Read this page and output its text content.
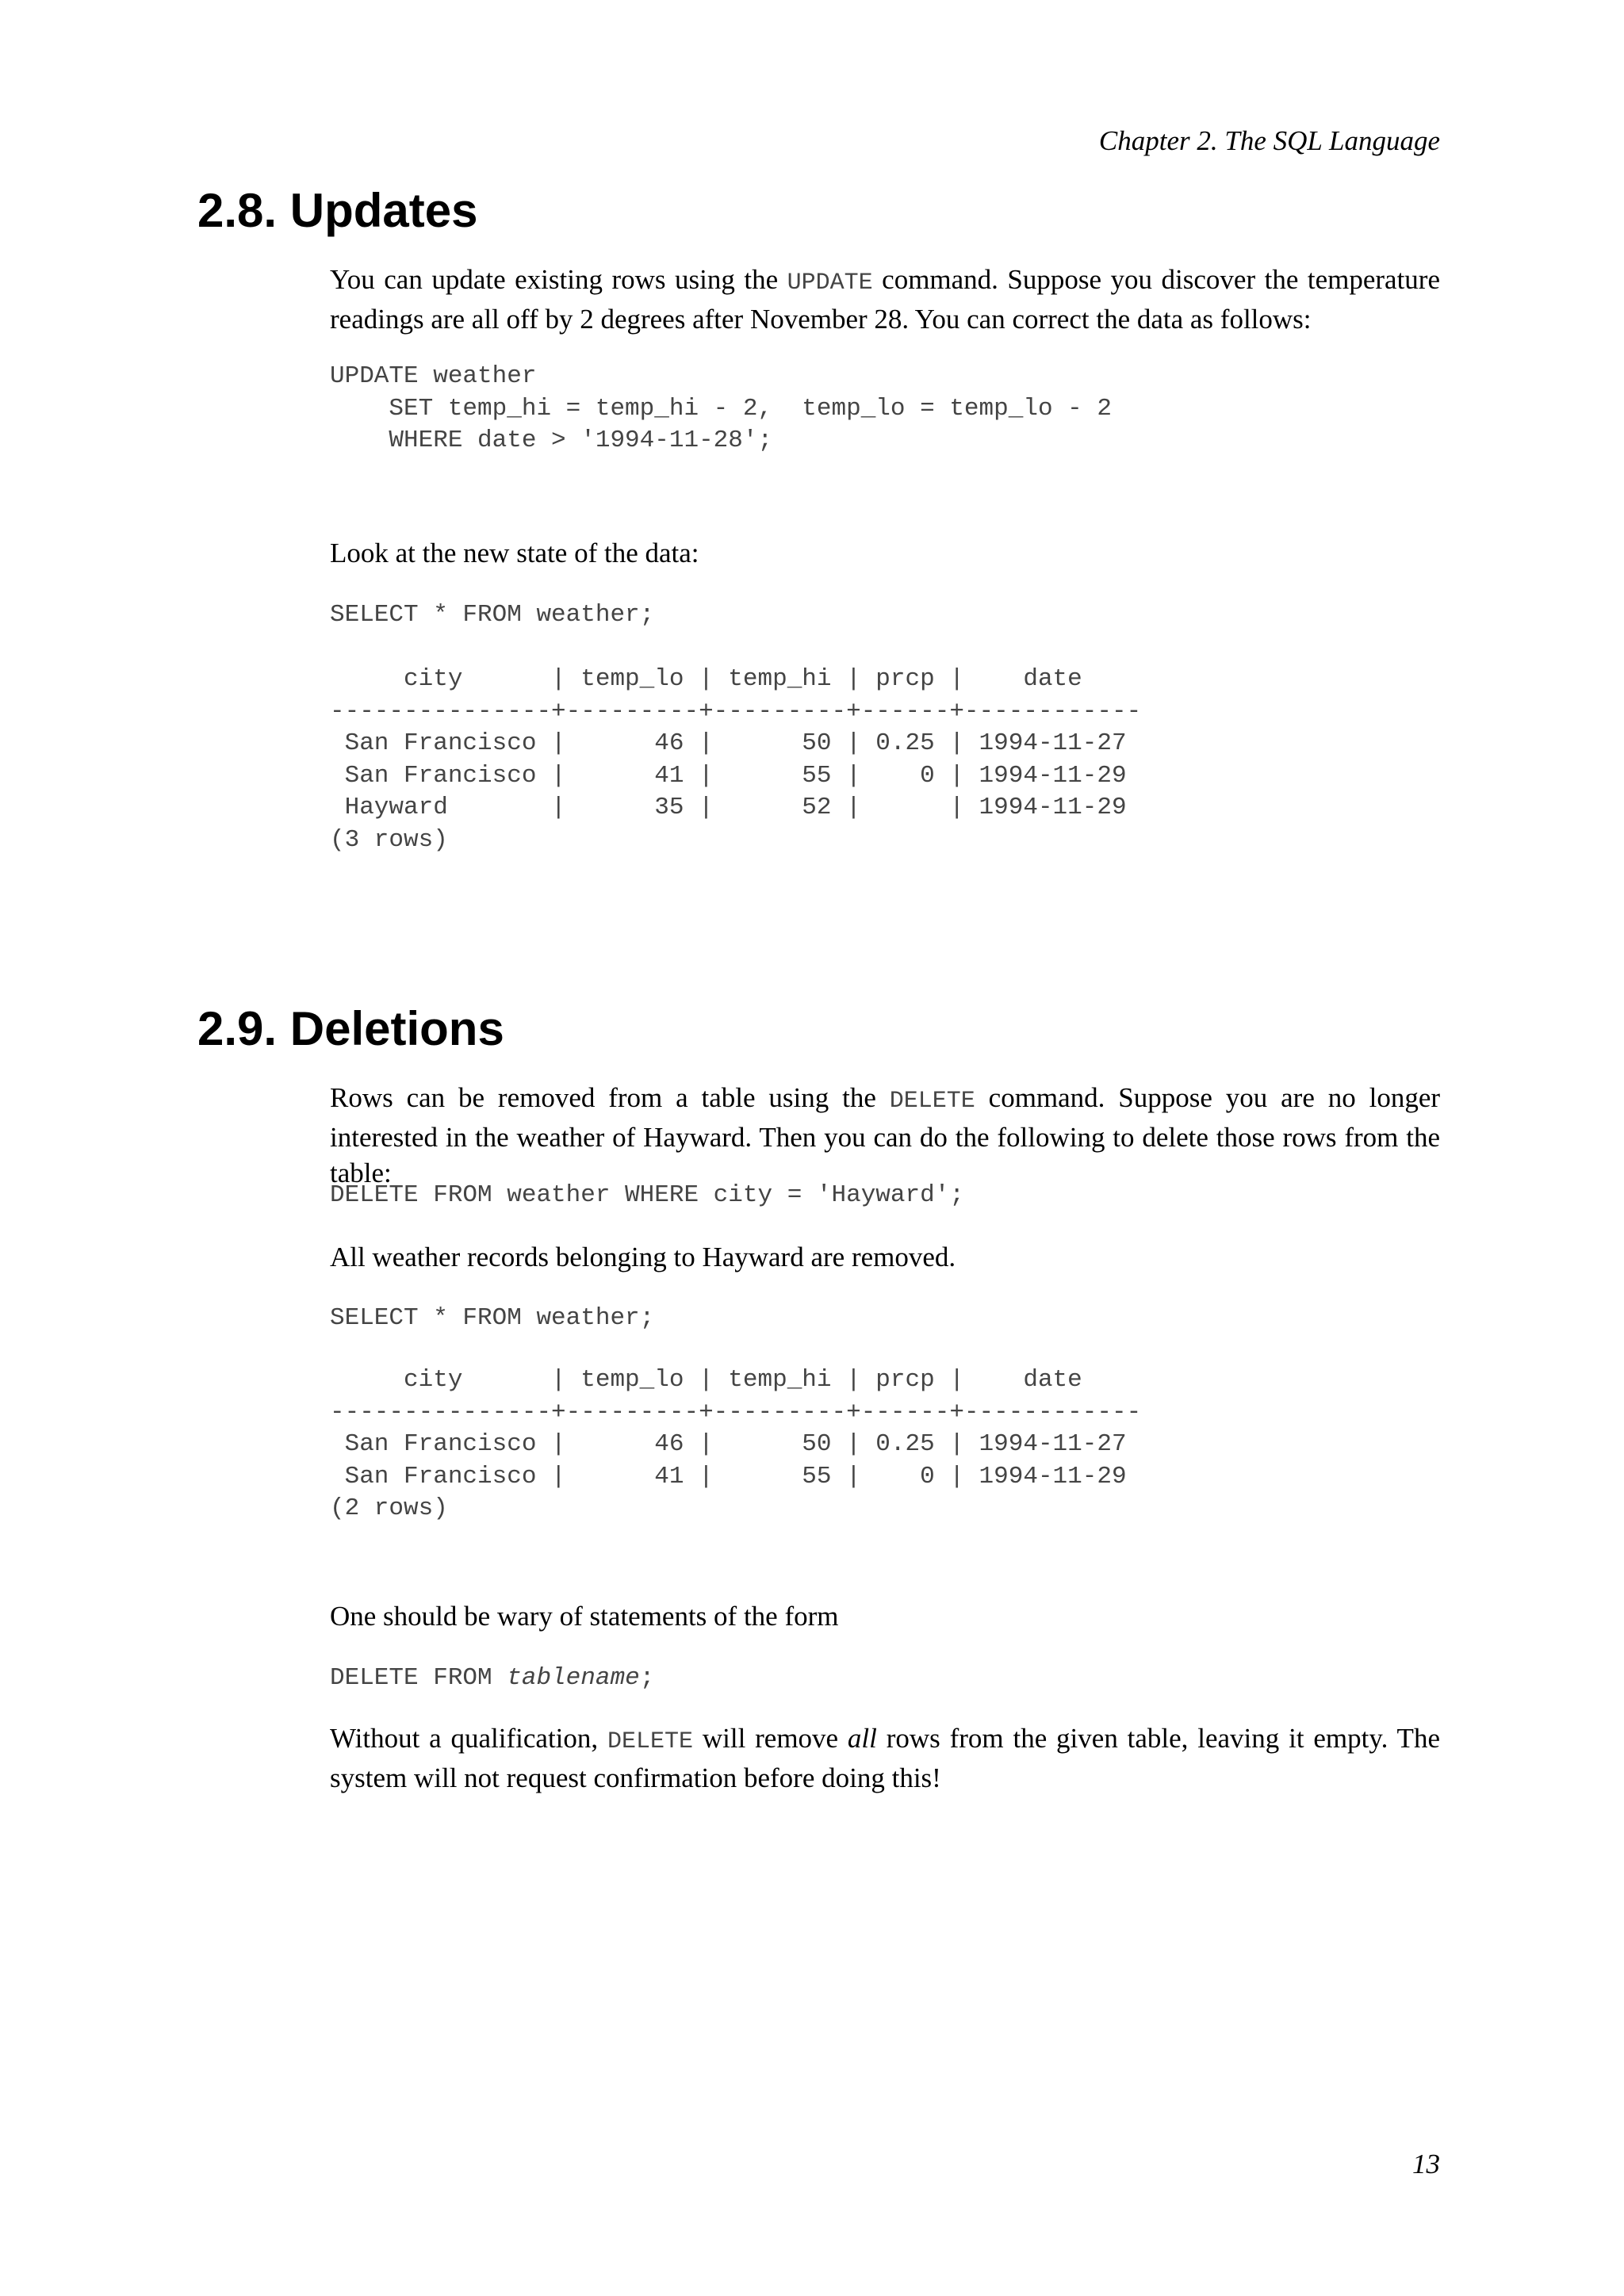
Chapter 2. The SQL Language
2.8. Updates

You can update existing rows using the UPDATE command. Suppose you discover the temperature readings are all off by 2 degrees after November 28. You can correct the data as follows:

UPDATE weather
SET temp_hi = temp_hi - 2,  temp_lo = temp_lo - 2
WHERE date > '1994-11-28';

Look at the new state of the data:

SELECT * FROM weather;
city      | temp_lo | temp_hi | prcp |    date
---------------+---------+---------+------+------------
San Francisco |      46 |      50 | 0.25 | 1994-11-27
San Francisco |      41 |      55 |    0 | 1994-11-29
Hayward       |      35 |      52 |      | 1994-11-29
(3 rows)
2.9. Deletions

Rows can be removed from a table using the DELETE command. Suppose you are no longer interested in the weather of Hayward. Then you can do the following to delete those rows from the table:

DELETE FROM weather WHERE city = 'Hayward';

All weather records belonging to Hayward are removed.

SELECT * FROM weather;
city      | temp_lo | temp_hi | prcp |    date
---------------+---------+---------+------+------------
San Francisco |      46 |      50 | 0.25 | 1994-11-27
San Francisco |      41 |      55 |    0 | 1994-11-29
(2 rows)

One should be wary of statements of the form

DELETE FROM tablename;

Without a qualification, DELETE will remove all rows from the given table, leaving it empty. The system will not request confirmation before doing this!

13
